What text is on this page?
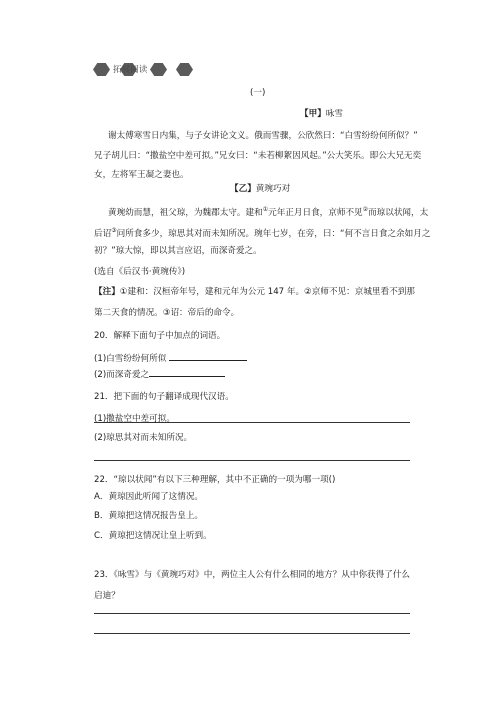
拓展阅读
(一)
【甲】咏雪
谢太傅寒雪日内集，与子女讲论文义。俄而雪骤，公欣然曰：“白雪纷纷何所似？”
兄子胡儿曰：“撒盐空中差可拟。”兄女曰：“未若柳絮因风起。”公大笑乐。即公大兄无奕
女，左将军王凝之妻也。
【乙】黄琬巧对
黄琬幼而慧，祖父琼，为魏郡太守。建和①元年正月日食，京师不见②而琼以状闻，太
后诏③问所食多少，琼思其对而未知所况。琬年七岁，在旁，曰：“何不言日食之余如月之
初？”琼大惊，即以其言应诏，而深奇爱之。
(选自《后汉书·黄琬传》)
【注】①建和：汉桓帝年号，建和元年为公元 147 年。②京师不见：京城里看不到那
第二天食的情况。③诏：帝后的命令。
20．解释下面句子中加点的词语。
(1)白雪纷纷何所似
(2)而深奇爱之
21．把下面的句子翻译成现代汉语。
(1)撒盐空中差可拟。
(2)琼思其对而未知所况。
22．“琼以状闻”有以下三种理解，其中不正确的一项为哪一项()
A．黄琼因此听闻了这情况。
B．黄琼把这情况报告皇上。
C．黄琼把这情况让皇上听到。
23．《咏雪》与《黄琬巧对》中，两位主人公有什么相同的地方？从中你获得了什么
启迪？
